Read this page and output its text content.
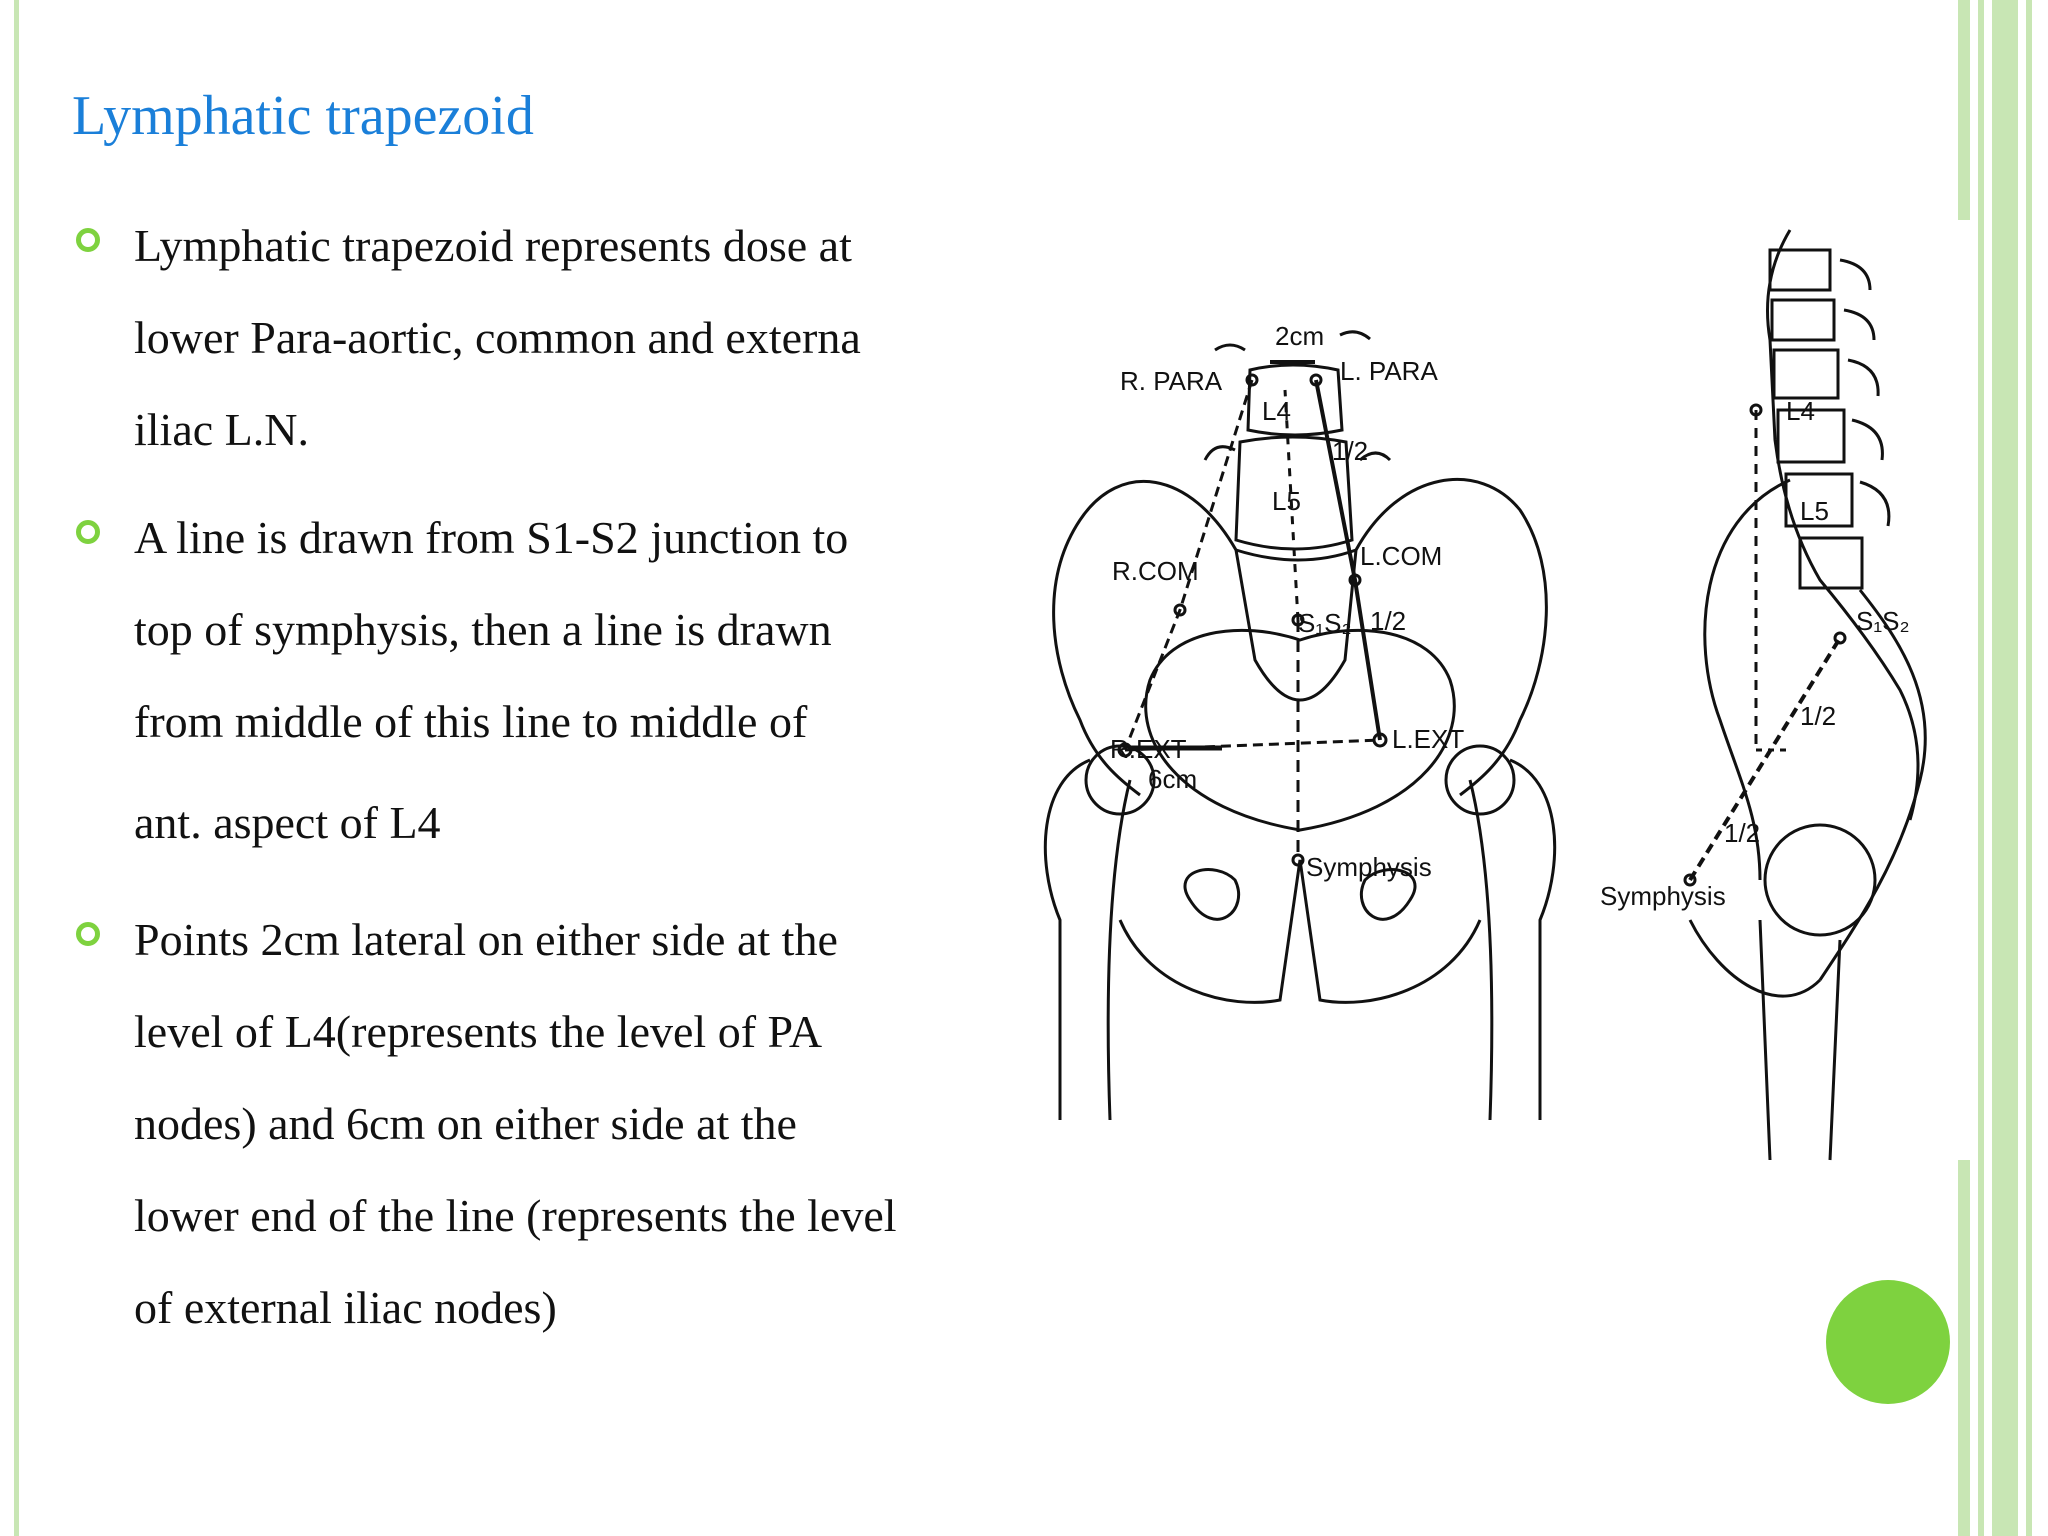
Lymphatic trapezoid
Lymphatic trapezoid represents dose at
lower Para-aortic, common and externa
iliac L.N.
A line is drawn from S1-S2 junction to
top of symphysis, then a line is drawn
from middle of this line to middle of
ant. aspect of L4
Points 2cm lateral on either side at the
level of L4(represents the level of PA
nodes) and 6cm on either side at the
lower end of the line (represents the level
of external iliac nodes)
R. PARA	L. PARA
2cm
L4
L5
1/2
R.COM	L.COM
S₁S₂ 1/2
R.EXT	L.EXT
6cm
Symphysis
L4
L5
S₁S₂
1/2
1/2
Symphysis
